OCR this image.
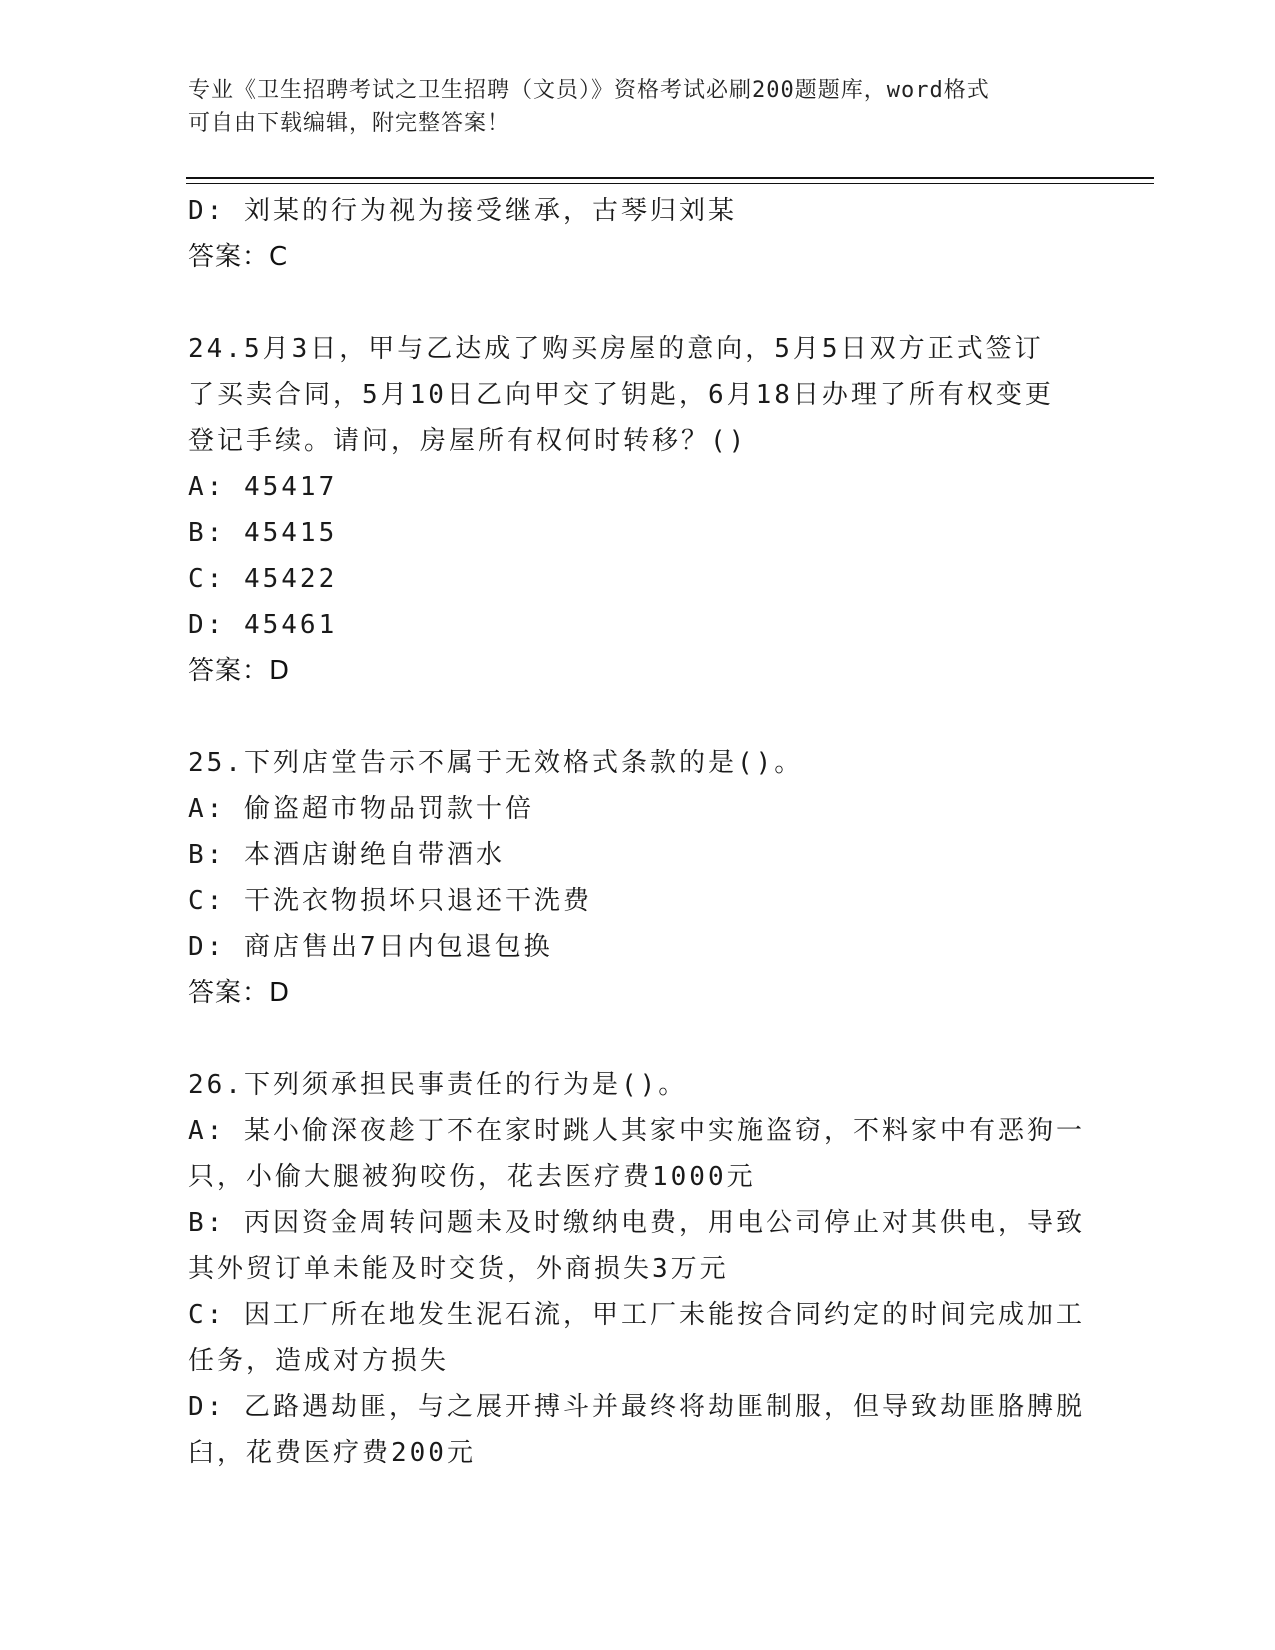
专业《卫生招聘考试之卫生招聘（文员）》资格考试必刷200题题库，word格式
可自由下载编辑，附完整答案！
D: 刘某的行为视为接受继承，古琴归刘某
答案：C
24.5月3日，甲与乙达成了购买房屋的意向，5月5日双方正式签订
了买卖合同，5月10日乙向甲交了钥匙，6月18日办理了所有权变更
登记手续。请问，房屋所有权何时转移？()
A: 45417
B: 45415
C: 45422
D: 45461
答案：D
25.下列店堂告示不属于无效格式条款的是()。
A: 偷盗超市物品罚款十倍
B: 本酒店谢绝自带酒水
C: 干洗衣物损坏只退还干洗费
D: 商店售出7日内包退包换
答案：D
26.下列须承担民事责任的行为是()。
A: 某小偷深夜趁丁不在家时跳人其家中实施盗窃，不料家中有恶狗一
只，小偷大腿被狗咬伤，花去医疗费1000元
B: 丙因资金周转问题未及时缴纳电费，用电公司停止对其供电，导致
其外贸订单未能及时交货，外商损失3万元
C: 因工厂所在地发生泥石流，甲工厂未能按合同约定的时间完成加工
任务，造成对方损失
D: 乙路遇劫匪，与之展开搏斗并最终将劫匪制服，但导致劫匪胳膊脱
臼，花费医疗费200元
